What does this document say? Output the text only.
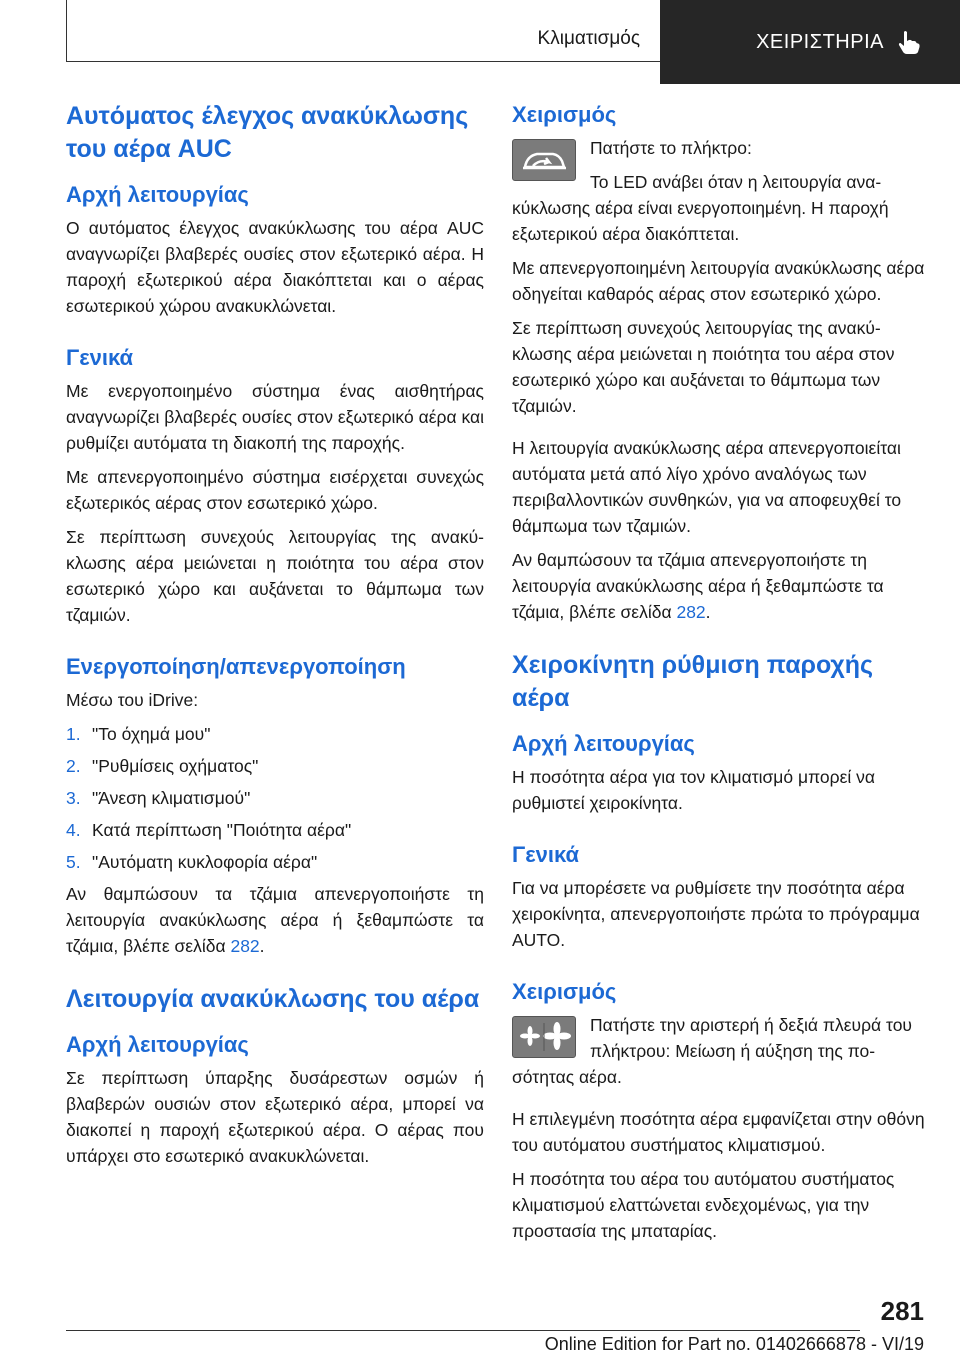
Κλιματισμός	ΧΕΙΡΙΣΤΗΡΙΑ
Αυτόματος έλεγχος ανακύκλωσης του αέρα AUC
Αρχή λειτουργίας

Ο αυτόματος έλεγχος ανακύκλωσης του αέρα AUC αναγνωρίζει βλαβερές ουσίες στον εξωτερικό αέρα. Η παροχή εξωτερικού αέρα διακόπτεται και ο αέρας εσωτερικού χώρου ανακυκλώνεται.

Γενικά

Με ενεργοποιημένο σύστημα ένας αισθητήρας αναγνωρίζει βλαβερές ουσίες στον εξωτερικό αέρα και ρυθμίζει αυτόματα τη διακοπή της παροχής.

Με απενεργοποιημένο σύστημα εισέρχεται συνεχώς εξωτερικός αέρας στον εσωτερικό χώρο.

Σε περίπτωση συνεχούς λειτουργίας της ανακύκλωσης αέρα μειώνεται η ποιότητα του αέρα στον εσωτερικό χώρο και αυξάνεται το θάμπωμα των τζαμιών.

Ενεργοποίηση/απενεργοποίηση

Μέσω του iDrive:

1. "Το όχημά μου"
2. "Ρυθμίσεις οχήματος"
3. "Άνεση κλιματισμού"
4. Κατά περίπτωση "Ποιότητα αέρα"
5. "Αυτόματη κυκλοφορία αέρα"

Αν θαμπώσουν τα τζάμια απενεργοποιήστε τη λειτουργία ανακύκλωσης αέρα ή ξεθαμπώστε τα τζάμια, βλέπε σελίδα 282.

Λειτουργία ανακύκλωσης του αέρα
Αρχή λειτουργίας

Σε περίπτωση ύπαρξης δυσάρεστων οσμών ή βλαβερών ουσιών στον εξωτερικό αέρα, μπορεί να διακοπεί η παροχή εξωτερικού αέρα. Ο αέρας που υπάρχει στο εσωτερικό ανακυκλώνεται.

Χειρισμός

Πατήστε το πλήκτρο:

Το LED ανάβει όταν η λειτουργία ανακύκλωσης αέρα είναι ενεργοποιημένη. Η παροχή εξωτερικού αέρα διακόπτεται.

Με απενεργοποιημένη λειτουργία ανακύκλωσης αέρα οδηγείται καθαρός αέρας στον εσωτερικό χώρο.

Σε περίπτωση συνεχούς λειτουργίας της ανακύκλωσης αέρα μειώνεται η ποιότητα του αέρα στον εσωτερικό χώρο και αυξάνεται το θάμπωμα των τζαμιών.

Η λειτουργία ανακύκλωσης αέρα απενεργοποιείται αυτόματα μετά από λίγο χρόνο αναλόγως των περιβαλλοντικών συνθηκών, για να αποφευχθεί το θάμπωμα των τζαμιών.

Αν θαμπώσουν τα τζάμια απενεργοποιήστε τη λειτουργία ανακύκλωσης αέρα ή ξεθαμπώστε τα τζάμια, βλέπε σελίδα 282.

Χειροκίνητη ρύθμιση παροχής αέρα
Αρχή λειτουργίας

Η ποσότητα αέρα για τον κλιματισμό μπορεί να ρυθμιστεί χειροκίνητα.

Γενικά

Για να μπορέσετε να ρυθμίσετε την ποσότητα αέρα χειροκίνητα, απενεργοποιήστε πρώτα το πρόγραμμα AUTO.

Χειρισμός

Πατήστε την αριστερή ή δεξιά πλευρά του πλήκτρου: Μείωση ή αύξηση της ποσότητας αέρα.

Η επιλεγμένη ποσότητα αέρα εμφανίζεται στην οθόνη του αυτόματου συστήματος κλιματισμού.

Η ποσότητα του αέρα του αυτόματου συστήματος κλιματισμού ελαττώνεται ενδεχομένως, για την προστασία της μπαταρίας.

281
Online Edition for Part no. 01402666878 - VI/19
